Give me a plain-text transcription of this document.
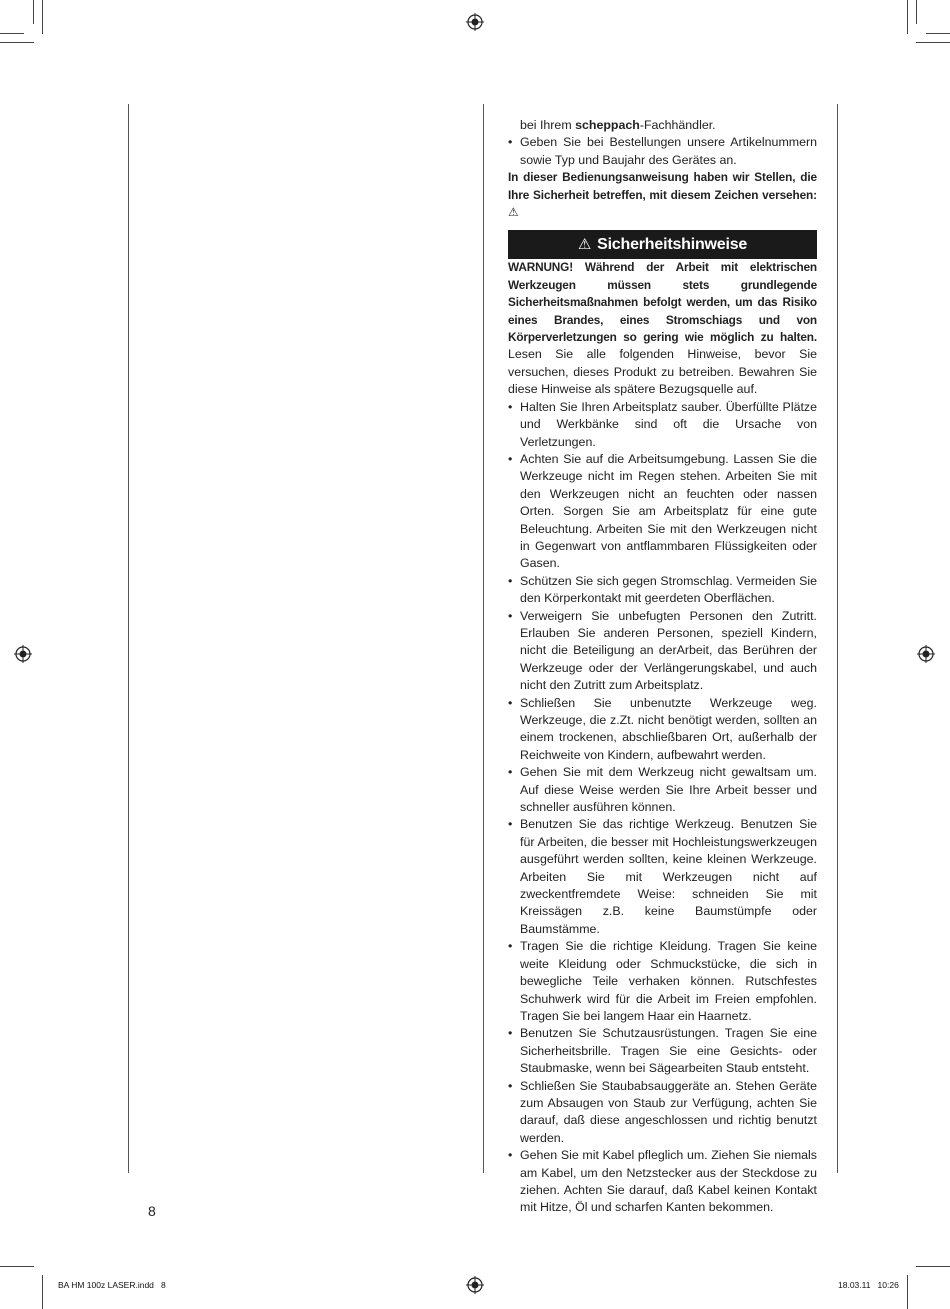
bei Ihrem scheppach-Fachhändler.

• Geben Sie bei Bestellungen unsere Artikelnummern sowie Typ und Baujahr des Gerätes an.

In dieser Bedienungsanweisung haben wir Stellen, die Ihre Sicherheit betreffen, mit diesem Zeichen versehen: ⚠

⚠ Sicherheitshinweise

WARNUNG! Während der Arbeit mit elektrischen Werkzeugen müssen stets grundlegende Sicherheitsmaßnahmen befolgt werden, um das Risiko eines Brandes, eines Stromschiags und von Körperverletzungen so gering wie möglich zu halten. Lesen Sie alle folgenden Hinweise, bevor Sie versuchen, dieses Produkt zu betreiben. Bewahren Sie diese Hinweise als spätere Bezugsquelle auf.

• Halten Sie Ihren Arbeitsplatz sauber. Überfüllte Plätze und Werkbänke sind oft die Ursache von Verletzungen.
• Achten Sie auf die Arbeitsumgebung. Lassen Sie die Werkzeuge nicht im Regen stehen. Arbeiten Sie mit den Werkzeugen nicht an feuchten oder nassen Orten. Sorgen Sie am Arbeitsplatz für eine gute Beleuchtung. Arbeiten Sie mit den Werkzeugen nicht in Gegenwart von antflammbaren Flüssigkeiten oder Gasen.
• Schützen Sie sich gegen Stromschlag. Vermeiden Sie den Körperkontakt mit geerdeten Oberflächen.
• Verweigern Sie unbefugten Personen den Zutritt. Erlauben Sie anderen Personen, speziell Kindern, nicht die Beteiligung an derArbeit, das Berühren der Werkzeuge oder der Verlängerungskabel, und auch nicht den Zutritt zum Arbeitsplatz.
• Schließen Sie unbenutzte Werkzeuge weg. Werkzeuge, die z.Zt. nicht benötigt werden, sollten an einem trockenen, abschließbaren Ort, außerhalb der Reichweite von Kindern, aufbewahrt werden.
• Gehen Sie mit dem Werkzeug nicht gewaltsam um. Auf diese Weise werden Sie Ihre Arbeit besser und schneller ausführen können.
• Benutzen Sie das richtige Werkzeug. Benutzen Sie für Arbeiten, die besser mit Hochleistungswerkzeugen ausgeführt werden sollten, keine kleinen Werkzeuge. Arbeiten Sie mit Werkzeugen nicht auf zweckentfremdete Weise: schneiden Sie mit Kreissägen z.B. keine Baumstümpfe oder Baumstämme.
• Tragen Sie die richtige Kleidung. Tragen Sie keine weite Kleidung oder Schmuckstücke, die sich in bewegliche Teile verhaken können. Rutschfestes Schuhwerk wird für die Arbeit im Freien empfohlen. Tragen Sie bei langem Haar ein Haarnetz.
• Benutzen Sie Schutzausrüstungen. Tragen Sie eine Sicherheitsbrille. Tragen Sie eine Gesichts- oder Staubmaske, wenn bei Sägearbeiten Staub entsteht.
• Schließen Sie Staubabsauggeräte an. Stehen Geräte zum Absaugen von Staub zur Verfügung, achten Sie darauf, daß diese angeschlossen und richtig benutzt werden.
• Gehen Sie mit Kabel pfleglich um. Ziehen Sie niemals am Kabel, um den Netzstecker aus der Steckdose zu ziehen. Achten Sie darauf, daß Kabel keinen Kontakt mit Hitze, Öl und scharfen Kanten bekommen.
8
BA HM 100z LASER.indd   8	18.03.11   10:26
